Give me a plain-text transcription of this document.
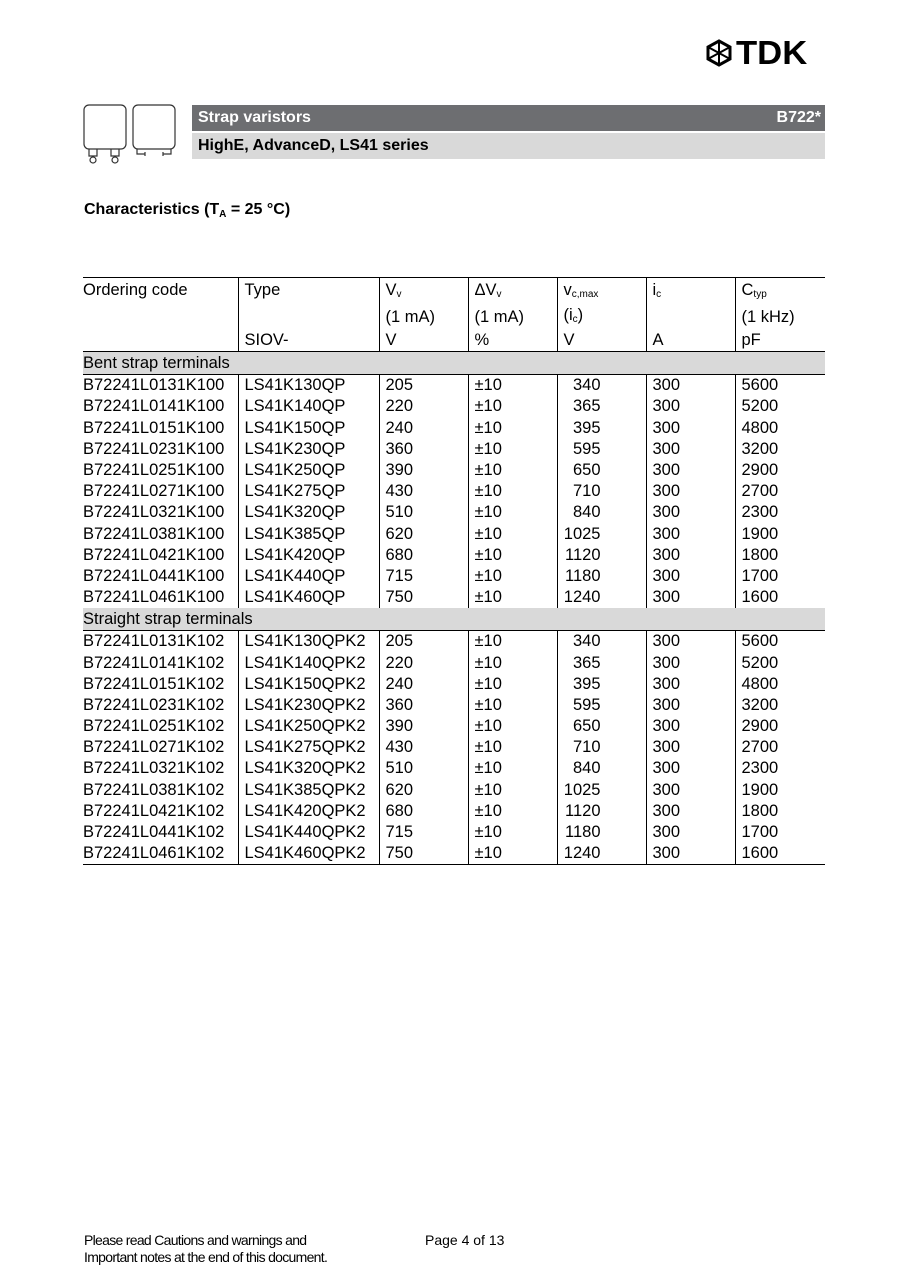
TDK
Strap varistors	B722*
HighE, AdvanceD, LS41 series
Characteristics ($T_A = 25$ °C)
Ordering code	Type	$V_v$	$\Delta V_v$	$v_{c,max}$	$i_c$	$C_{typ}$
		(1 mA)	(1 mA)	$(i_c)$		(1 kHz)
	SIOV-	V	%	V	A	pF
Bent strap terminals						
B72241L0131K100	LS41K130QP	205	±10	340	300	5600
B72241L0141K100	LS41K140QP	220	±10	365	300	5200
B72241L0151K100	LS41K150QP	240	±10	395	300	4800
B72241L0231K100	LS41K230QP	360	±10	595	300	3200
B72241L0251K100	LS41K250QP	390	±10	650	300	2900
B72241L0271K100	LS41K275QP	430	±10	710	300	2700
B72241L0321K100	LS41K320QP	510	±10	840	300	2300
B72241L0381K100	LS41K385QP	620	±10	1025	300	1900
B72241L0421K100	LS41K420QP	680	±10	1120	300	1800
B72241L0441K100	LS41K440QP	715	±10	1180	300	1700
B72241L0461K100	LS41K460QP	750	±10	1240	300	1600
Straight strap terminals						
B72241L0131K102	LS41K130QPK2	205	±10	340	300	5600
B72241L0141K102	LS41K140QPK2	220	±10	365	300	5200
B72241L0151K102	LS41K150QPK2	240	±10	395	300	4800
B72241L0231K102	LS41K230QPK2	360	±10	595	300	3200
B72241L0251K102	LS41K250QPK2	390	±10	650	300	2900
B72241L0271K102	LS41K275QPK2	430	±10	710	300	2700
B72241L0321K102	LS41K320QPK2	510	±10	840	300	2300
B72241L0381K102	LS41K385QPK2	620	±10	1025	300	1900
B72241L0421K102	LS41K420QPK2	680	±10	1120	300	1800
B72241L0441K102	LS41K440QPK2	715	±10	1180	300	1700
B72241L0461K102	LS41K460QPK2	750	±10	1240	300	1600
Please read Cautions and warnings and
Important notes at the end of this document.
Page 4 of 13
